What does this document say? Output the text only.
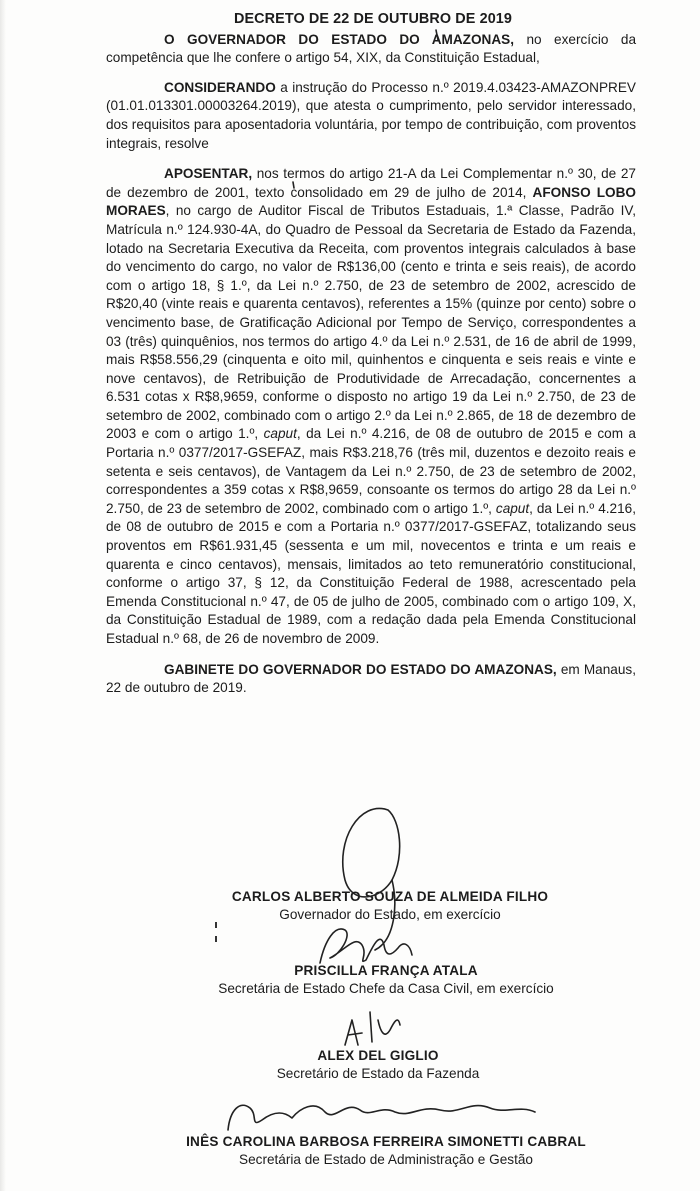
DECRETO DE 22 DE OUTUBRO DE 2019

O GOVERNADOR DO ESTADO DO AMAZONAS, no exercício da competência que lhe confere o artigo 54, XIX, da Constituição Estadual,

CONSIDERANDO a instrução do Processo n.º 2019.4.03423-AMAZONPREV (01.01.013301.00003264.2019), que atesta o cumprimento, pelo servidor interessado, dos requisitos para aposentadoria voluntária, por tempo de contribuição, com proventos integrais, resolve

APOSENTAR, nos termos do artigo 21-A da Lei Complementar n.º 30, de 27 de dezembro de 2001, texto consolidado em 29 de julho de 2014, AFONSO LOBO MORAES, no cargo de Auditor Fiscal de Tributos Estaduais, 1.ª Classe, Padrão IV, Matrícula n.º 124.930-4A, do Quadro de Pessoal da Secretaria de Estado da Fazenda, lotado na Secretaria Executiva da Receita, com proventos integrais calculados à base do vencimento do cargo, no valor de R$136,00 (cento e trinta e seis reais), de acordo com o artigo 18, § 1.º, da Lei n.º 2.750, de 23 de setembro de 2002, acrescido de R$20,40 (vinte reais e quarenta centavos), referentes a 15% (quinze por cento) sobre o vencimento base, de Gratificação Adicional por Tempo de Serviço, correspondentes a 03 (três) quinquênios, nos termos do artigo 4.º da Lei n.º 2.531, de 16 de abril de 1999, mais R$58.556,29 (cinquenta e oito mil, quinhentos e cinquenta e seis reais e vinte e nove centavos), de Retribuição de Produtividade de Arrecadação, concernentes a 6.531 cotas x R$8,9659, conforme o disposto no artigo 19 da Lei n.º 2.750, de 23 de setembro de 2002, combinado com o artigo 2.º da Lei n.º 2.865, de 18 de dezembro de 2003 e com o artigo 1.º, caput, da Lei n.º 4.216, de 08 de outubro de 2015 e com a Portaria n.º 0377/2017-GSEFAZ, mais R$3.218,76 (três mil, duzentos e dezoito reais e setenta e seis centavos), de Vantagem da Lei n.º 2.750, de 23 de setembro de 2002, correspondentes a 359 cotas x R$8,9659, consoante os termos do artigo 28 da Lei n.º 2.750, de 23 de setembro de 2002, combinado com o artigo 1.º, caput, da Lei n.º 4.216, de 08 de outubro de 2015 e com a Portaria n.º 0377/2017-GSEFAZ, totalizando seus proventos em R$61.931,45 (sessenta e um mil, novecentos e trinta e um reais e quarenta e cinco centavos), mensais, limitados ao teto remuneratório constitucional, conforme o artigo 37, § 12, da Constituição Federal de 1988, acrescentado pela Emenda Constitucional n.º 47, de 05 de julho de 2005, combinado com o artigo 109, X, da Constituição Estadual de 1989, com a redação dada pela Emenda Constitucional Estadual n.º 68, de 26 de novembro de 2009.

GABINETE DO GOVERNADOR DO ESTADO DO AMAZONAS, em Manaus, 22 de outubro de 2019.

CARLOS ALBERTO SOUZA DE ALMEIDA FILHO
Governador do Estado, em exercício
PRISCILLA FRANÇA ATALA
Secretária de Estado Chefe da Casa Civil, em exercício
ALEX DEL GIGLIO
Secretário de Estado da Fazenda
INÊS CAROLINA BARBOSA FERREIRA SIMONETTI CABRAL
Secretária de Estado de Administração e Gestão
